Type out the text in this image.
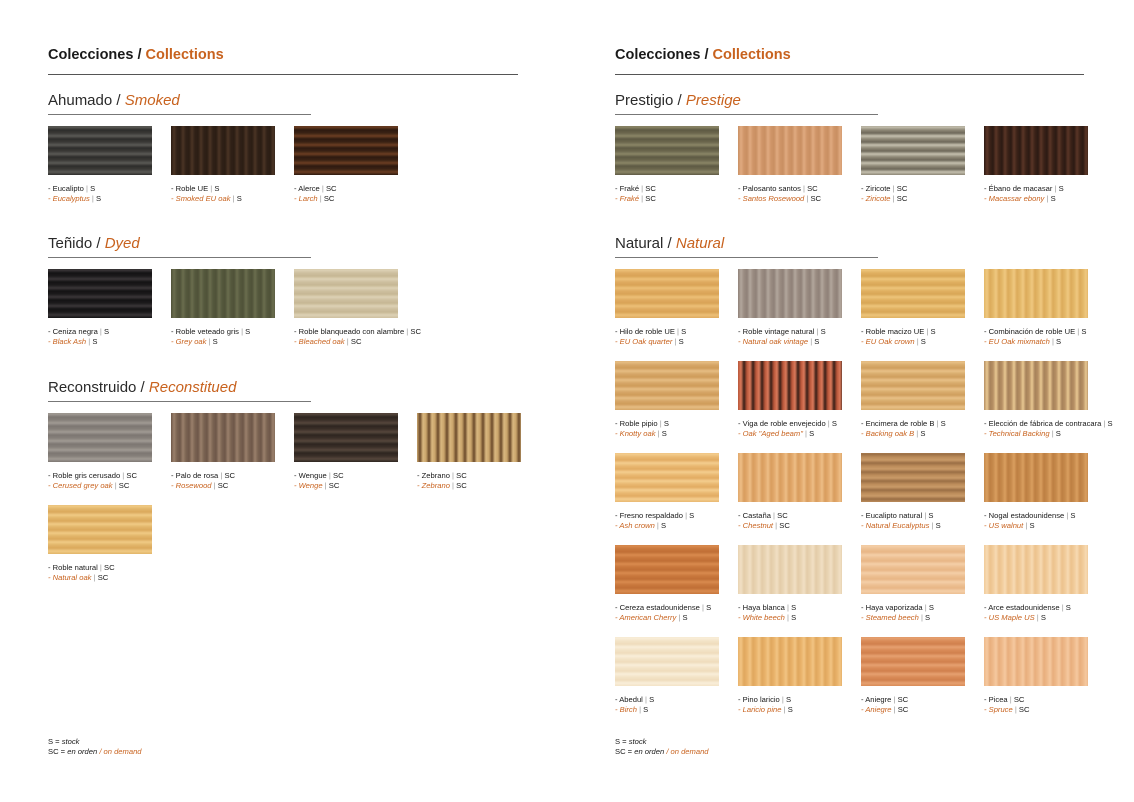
Colecciones / Collections
Ahumado / Smoked
- Eucalipto | S
- Eucalyptus | S
- Roble UE | S
- Smoked EU oak | S
- Alerce | SC
- Larch | SC
Teñido / Dyed
- Ceniza negra | S
- Black Ash | S
- Roble veteado gris | S
- Grey oak | S
- Roble blanqueado con alambre | SC
- Bleached oak | SC
Reconstruido / Reconstitued
- Roble gris cerusado | SC
- Cerused grey oak | SC
- Palo de rosa | SC
- Rosewood | SC
- Wengue | SC
- Wenge | SC
- Zebrano | SC
- Zebrano | SC
- Roble natural | SC
- Natural oak | SC
S = stock
SC = en orden / on demand
Colecciones / Collections
Prestigio / Prestige
- Fraké | SC
- Fraké | SC
- Palosanto santos | SC
- Santos Rosewood | SC
- Ziricote | SC
- Ziricote | SC
- Ébano de macasar | S
- Macassar ebony | S
Natural / Natural
- Hilo de roble UE | S
- EU Oak quarter | S
- Roble vintage natural | S
- Natural oak vintage | S
- Roble macizo UE | S
- EU Oak crown | S
- Combinación de roble UE | S
- EU Oak mixmatch | S
- Roble pipio | S
- Knotty oak | S
- Viga de roble envejecido | S
- Oak "Aged beam" | S
- Encimera de roble B | S
- Backing oak B | S
- Elección de fábrica de contracara | S
- Technical Backing | S
- Fresno respaldado | S
- Ash crown | S
- Castaña | SC
- Chestnut | SC
- Eucalipto natural | S
- Natural Eucalyptus | S
- Nogal estadounidense | S
- US walnut | S
- Cereza estadounidense | S
- American Cherry | S
- Haya blanca | S
- White beech | S
- Haya vaporizada | S
- Steamed beech | S
- Arce estadounidense | S
- US Maple US | S
- Abedul | S
- Birch | S
- Pino laricio | S
- Laricio pine | S
- Aniegre | SC
- Aniegre | SC
- Picea | SC
- Spruce | SC
S = stock
SC = en orden / on demand
